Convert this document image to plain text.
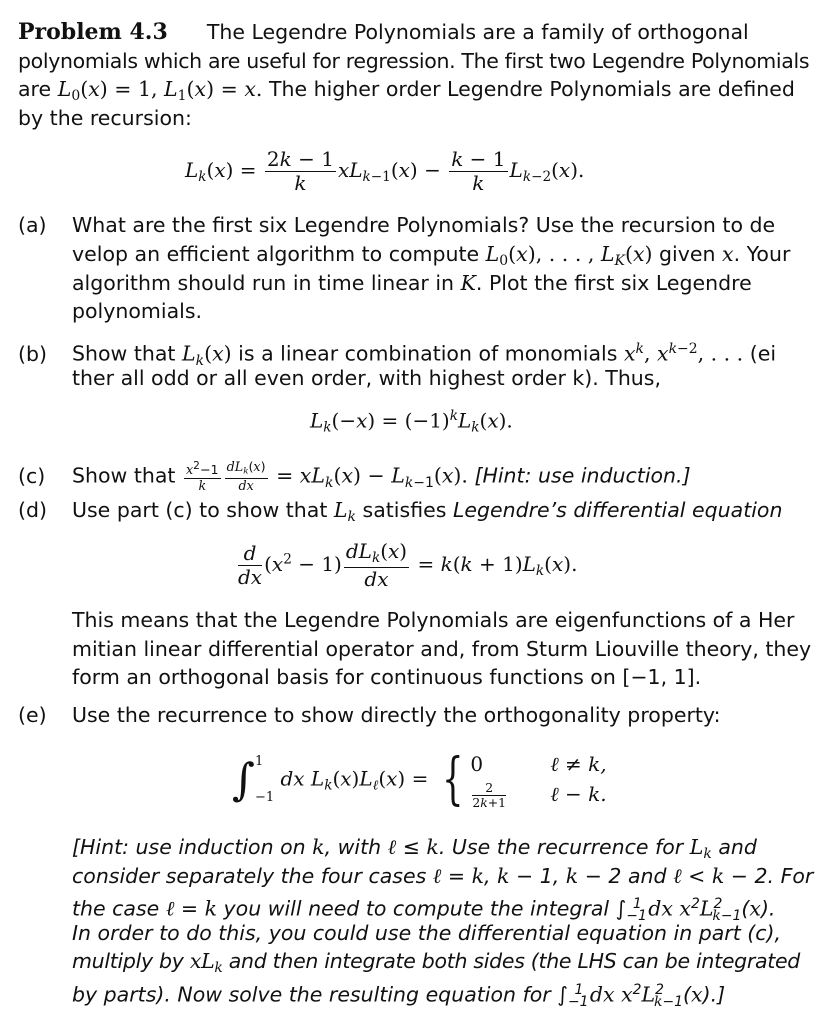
Problem 4.3 The Legendre Polynomials are a family of orthogonal
polynomials which are useful for regression. The first two Legendre Polynomials
are $L_0(x) = 1$, $L_1(x) = x$. The higher order Legendre Polynomials are defined
by the recursion:
$L_k(x) = \frac{2k - 1}{k} xL_{k-1}(x) - \frac{k - 1}{k} L_{k-2}(x)$.
(a) What are the first six Legendre Polynomials? Use the recursion to de
velop an efficient algorithm to compute $L_0(x)$, . . . , $L_K(x)$ given x. Your
algorithm should run in time linear in K. Plot the first six Legendre
polynomials.
(b) Show that $L_k(x)$ is a linear combination of monomials $x^k$, $x^{k-2}$, . . . (ei
ther all odd or all even order, with highest order k). Thus,
$L_k(-x) = (-1)^kL_k(x)$.
(c) Show that $\frac{x^2-1}{k} \frac{dL_k(x)}{dx} = xL_k(x) - L_{k-1}(x)$. [Hint: use induction.]
(d) Use part (c) to show that $L_k$ satisfies Legendre’s differential equation
$\frac{d}{dx} (x^2 - 1) \frac{dL_k(x)}{dx} = k(k + 1)L_k(x)$.
This means that the Legendre Polynomials are eigenfunctions of a Her
mitian linear differential operator and, from Sturm Liouville theory, they
form an orthogonal basis for continuous functions on [−1, 1].
(e) Use the recurrence to show directly the orthogonality property:
∫ 1
−1
dx $L_k(x)L_\ell(x)$ = { 0	ℓ ≠ k,
$\frac{2}{2k+1}$ ℓ − k.
[Hint: use induction on k, with ℓ ≤ k. Use the recurrence for $L_k$ and
consider separately the four cases ℓ = k, k − 1, k − 2 and ℓ < k − 2. For
the case ℓ = k you will need to compute the integral $\int_{-1}^1$ dx $x^2L^2_{k-1}(x)$.
In order to do this, you could use the differential equation in part (c),
multiply by $xL_k$ and then integrate both sides (the LHS can be integrated
by parts). Now solve the resulting equation for $\int_{-1}^1$ dx $x^2L^2_{k-1}(x)$.]
